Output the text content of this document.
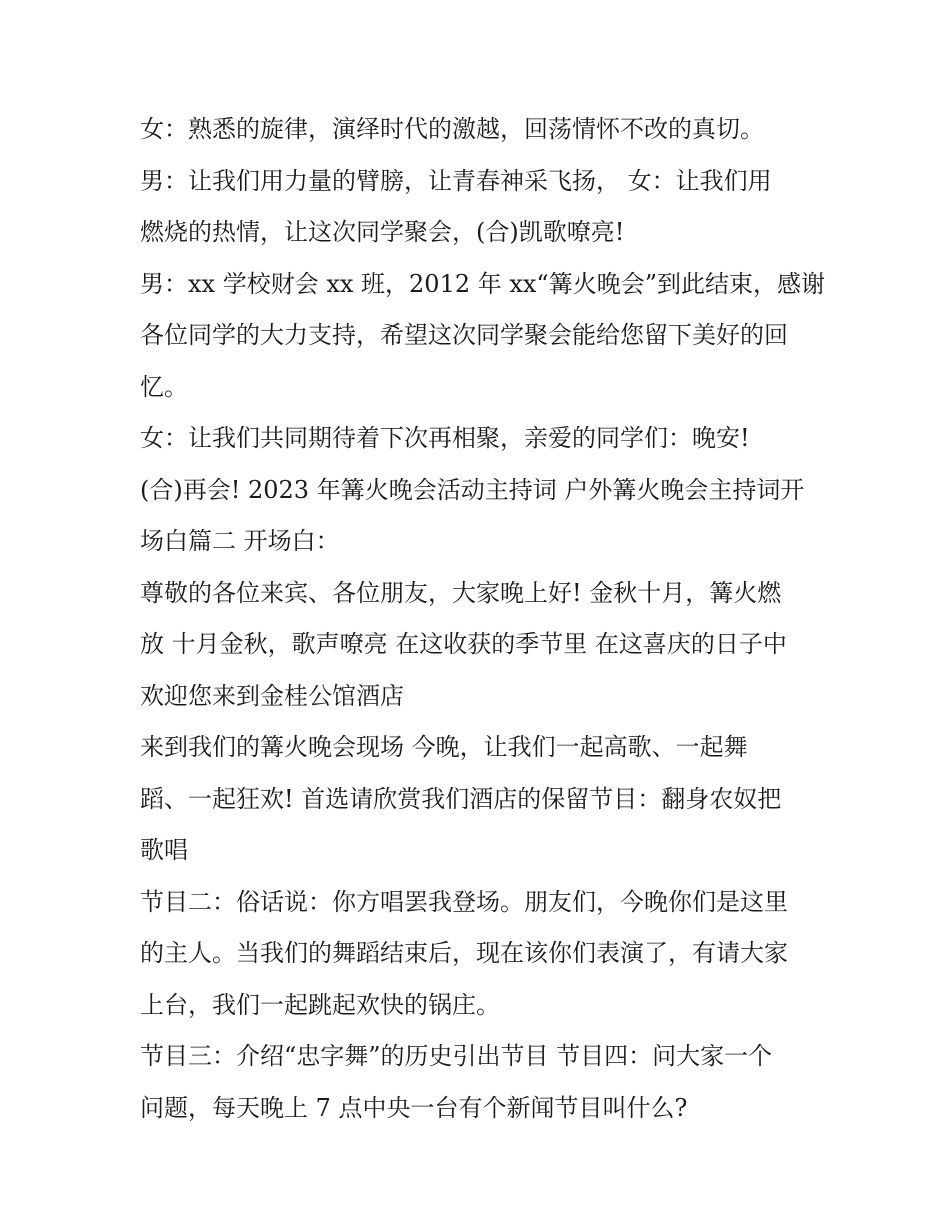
女：熟悉的旋律，演绎时代的激越，回荡情怀不改的真切。
男：让我们用力量的臂膀，让青春神采飞扬， 女：让我们用
燃烧的热情，让这次同学聚会，(合)凯歌嘹亮!
男：xx 学校财会 xx 班，2012 年 xx“篝火晚会”到此结束，感谢
各位同学的大力支持，希望这次同学聚会能给您留下美好的回
忆。
女：让我们共同期待着下次再相聚，亲爱的同学们：晚安!
(合)再会! 2023 年篝火晚会活动主持词 户外篝火晚会主持词开
场白篇二 开场白：
尊敬的各位来宾、各位朋友，大家晚上好! 金秋十月，篝火燃
放 十月金秋，歌声嘹亮 在这收获的季节里 在这喜庆的日子中
欢迎您来到金桂公馆酒店
来到我们的篝火晚会现场 今晚，让我们一起高歌、一起舞
蹈、一起狂欢! 首选请欣赏我们酒店的保留节目：翻身农奴把
歌唱
节目二：俗话说：你方唱罢我登场。朋友们，今晚你们是这里
的主人。当我们的舞蹈结束后，现在该你们表演了，有请大家
上台，我们一起跳起欢快的锅庄。
节目三：介绍“忠字舞”的历史引出节目 节目四：问大家一个
问题，每天晚上 7 点中央一台有个新闻节目叫什么?
